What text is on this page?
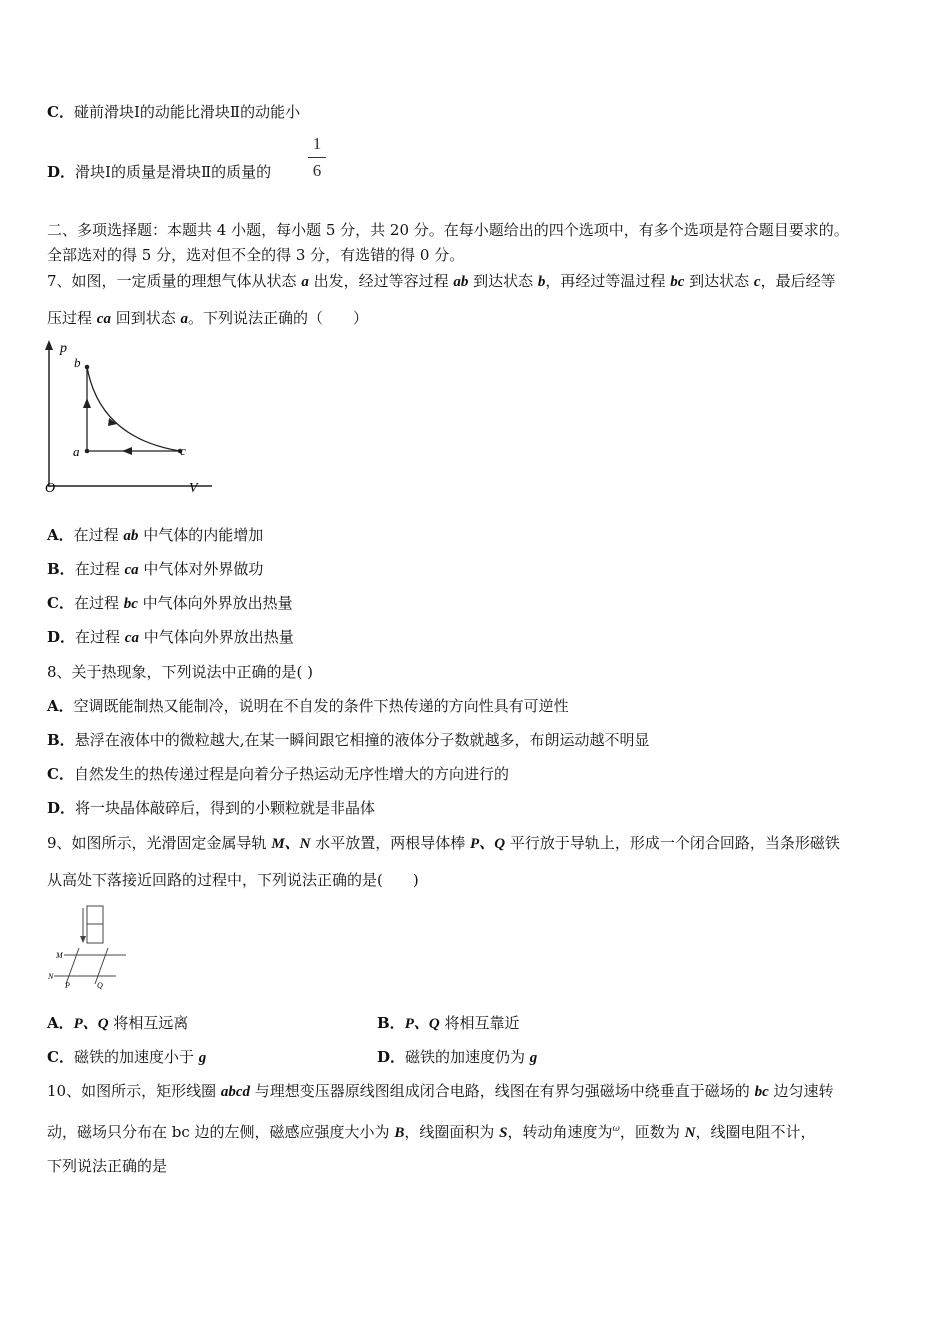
C．碰前滑块Ⅰ的动能比滑块Ⅱ的动能小
D．滑块Ⅰ的质量是滑块Ⅱ的质量的
1
6
二、多项选择题：本题共 4 小题，每小题 5 分，共 20 分。在每小题给出的四个选项中，有多个选项是符合题目要求的。
全部选对的得 5 分，选对但不全的得 3 分，有选错的得 0 分。
7、如图，一定质量的理想气体从状态 a 出发，经过等容过程 ab 到达状态 b，再经过等温过程 bc 到达状态 c，最后经等
压过程 ca 回到状态 a。下列说法正确的（　　）
p
V
O
b
a	c
A．在过程 ab 中气体的内能增加
B．在过程 ca 中气体对外界做功
C．在过程 bc 中气体向外界放出热量
D．在过程 ca 中气体向外界放出热量
8、关于热现象，下列说法中正确的是( )
A．空调既能制热又能制冷，说明在不自发的条件下热传递的方向性具有可逆性
B．悬浮在液体中的微粒越大,在某一瞬间跟它相撞的液体分子数就越多，布朗运动越不明显
C．自然发生的热传递过程是向着分子热运动无序性增大的方向进行的
D．将一块晶体敲碎后，得到的小颗粒就是非晶体
9、如图所示，光滑固定金属导轨 M、N 水平放置，两根导体棒 P、Q 平行放于导轨上，形成一个闭合回路，当条形磁铁
从高处下落接近回路的过程中，下列说法正确的是(　　)
M
N
P	Q
A．P、Q 将相互远离	B．P、Q 将相互靠近
C．磁铁的加速度小于 g	D．磁铁的加速度仍为 g
10、如图所示，矩形线圈 abcd 与理想变压器原线图组成闭合电路，线图在有界匀强磁场中绕垂直于磁场的 bc 边匀速转
动，磁场只分布在 bc 边的左侧，磁感应强度大小为 B，线圈面积为 S，转动角速度为$^\omega$，匝数为 N，线圈电阻不计，
下列说法正确的是
